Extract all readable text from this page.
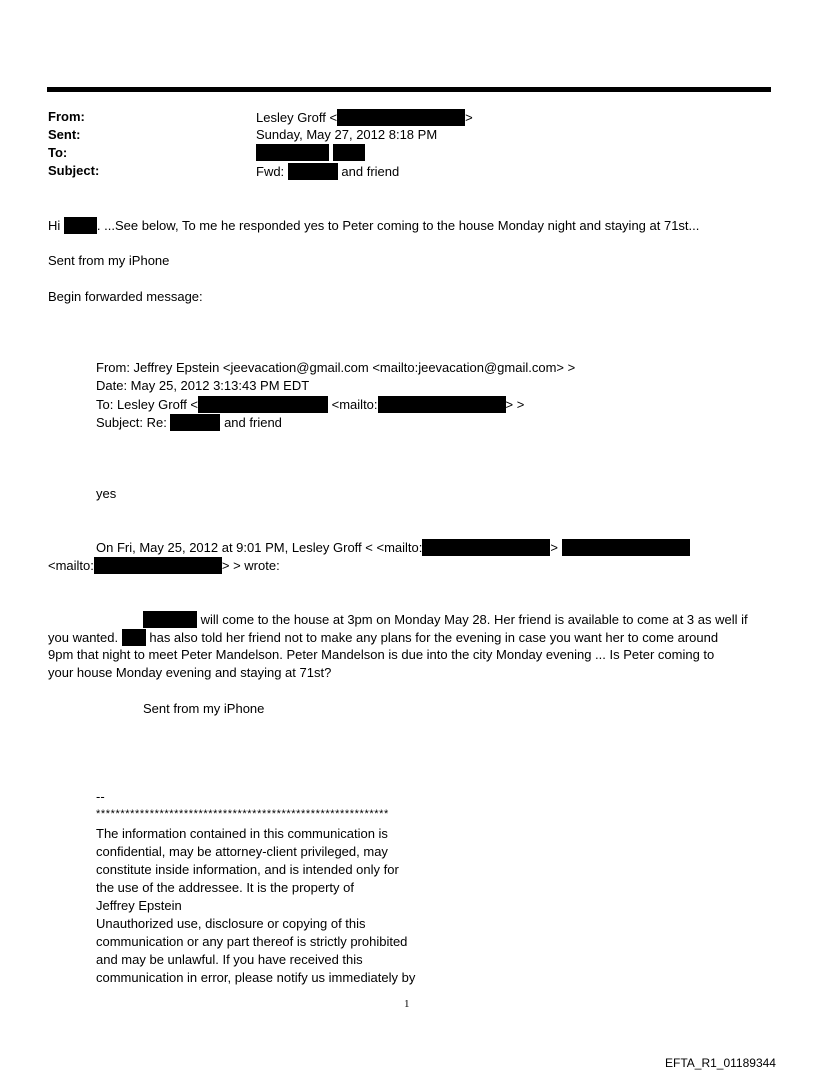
From:	Lesley Groff <	>
Sent:	Sunday, May 27, 2012 8:18 PM
To:

Subject:	Fwd:	and friend
Hi	. ...See below, To me he responded yes to Peter coming to the house Monday night and staying at 71st...
Sent from my iPhone
Begin forwarded message:
From: Jeffrey Epstein <jeevacation@gmail.com <mailto:jeevacation@gmail.com> >
Date: May 25, 2012 3:13:43 PM EDT
To: Lesley Groff <	<mailto:	> >
Subject: Re:	and friend
yes
On Fri, May 25, 2012 at 9:01 PM, Lesley Groff < <mailto:	>
<mailto:	> > wrote:
will come to the house at 3pm on Monday May 28. Her friend is available to come at 3 as well if
you wanted. has also told her friend not to make any plans for the evening in case you want her to come around
9pm that night to meet Peter Mandelson. Peter Mandelson is due into the city Monday evening ... Is Peter coming to
your house Monday evening and staying at 71st?
Sent from my iPhone
--
************************************************************
The information contained in this communication is
confidential, may be attorney-client privileged, may
constitute inside information, and is intended only for
the use of the addressee. It is the property of
Jeffrey Epstein
Unauthorized use, disclosure or copying of this
communication or any part thereof is strictly prohibited
and may be unlawful. If you have received this
communication in error, please notify us immediately by
1
EFTA_R1_01189344
